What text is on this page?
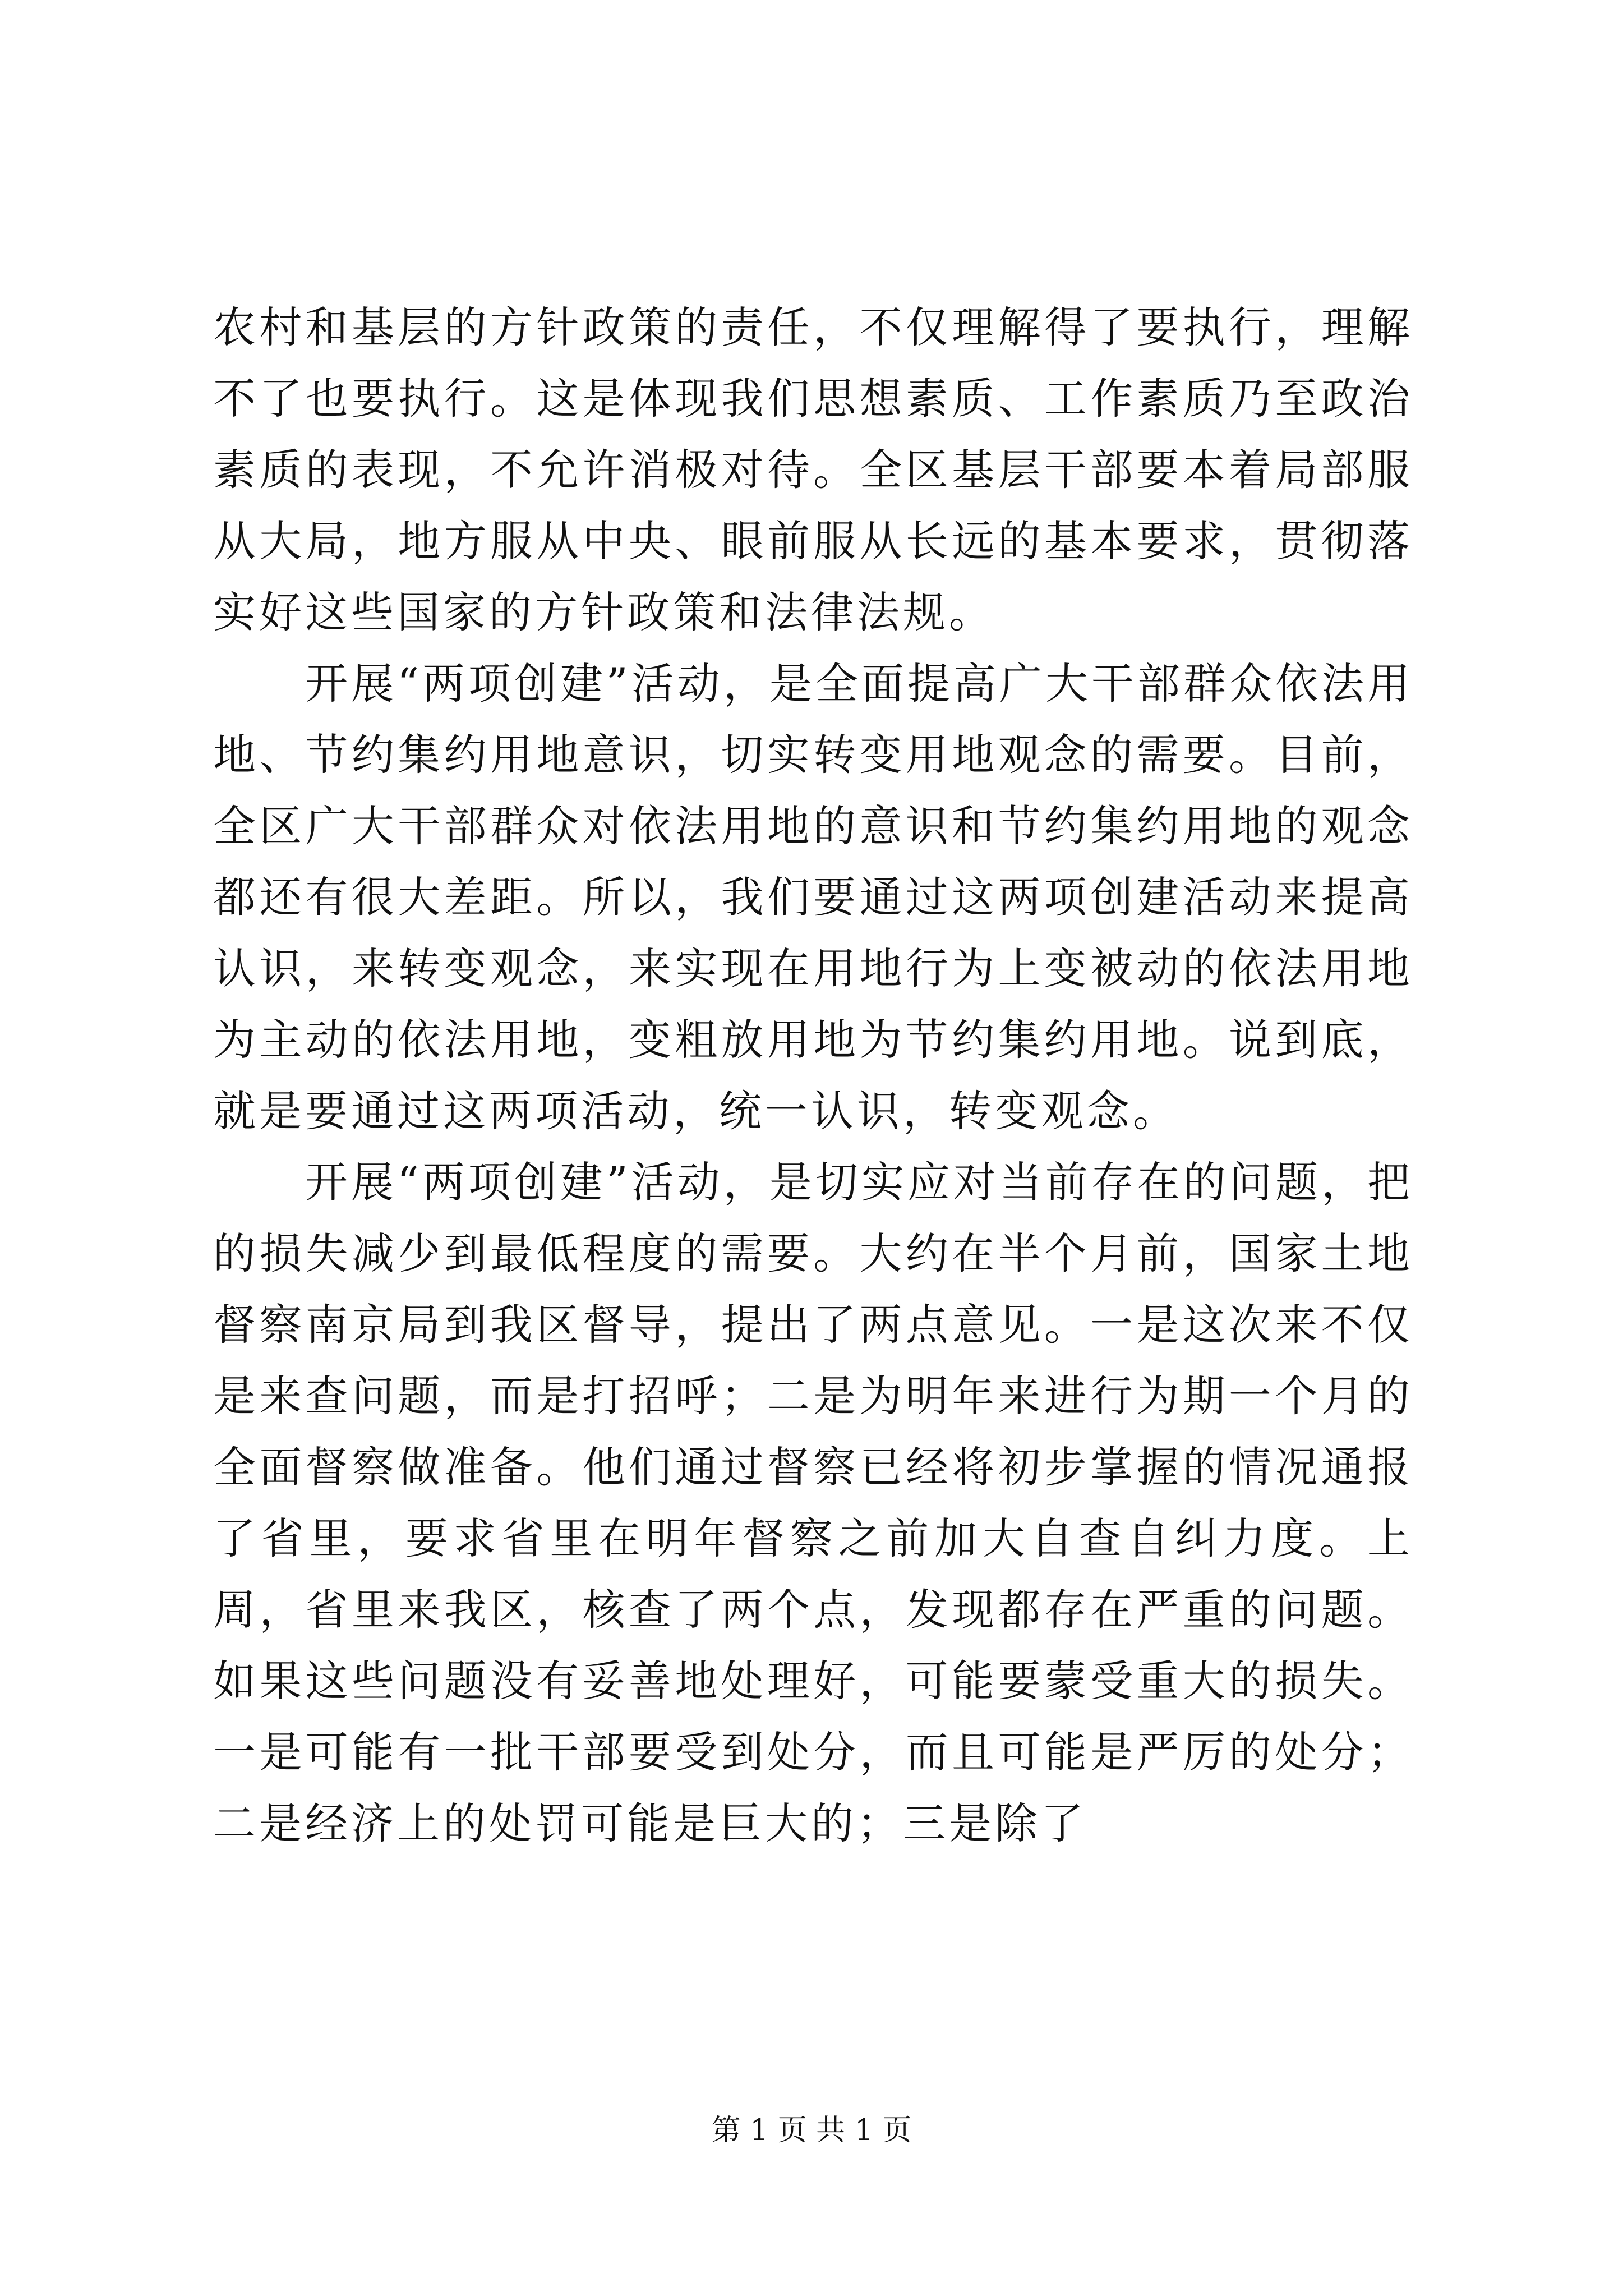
农村和基层的方针政策的责任，不仅理解得了要执行，理解不了也要执行。这是体现我们思想素质、工作素质乃至政治素质的表现，不允许消极对待。全区基层干部要本着局部服从大局，地方服从中央、眼前服从长远的基本要求，贯彻落实好这些国家的方针政策和法律法规。

开展“两项创建”活动，是全面提高广大干部群众依法用地、节约集约用地意识，切实转变用地观念的需要。目前，全区广大干部群众对依法用地的意识和节约集约用地的观念都还有很大差距。所以，我们要通过这两项创建活动来提高认识，来转变观念，来实现在用地行为上变被动的依法用地为主动的依法用地，变粗放用地为节约集约用地。说到底，就是要通过这两项活动，统一认识，转变观念。

开展“两项创建”活动，是切实应对当前存在的问题，把的损失减少到最低程度的需要。大约在半个月前，国家土地督察南京局到我区督导，提出了两点意见。一是这次来不仅是来查问题，而是打招呼；二是为明年来进行为期一个月的全面督察做准备。他们通过督察已经将初步掌握的情况通报了省里，要求省里在明年督察之前加大自查自纠力度。上周，省里来我区，核查了两个点，发现都存在严重的问题。如果这些问题没有妥善地处理好，可能要蒙受重大的损失。一是可能有一批干部要受到处分，而且可能是严厉的处分；二是经济上的处罚可能是巨大的；三是除了

第 1 页 共 1 页
